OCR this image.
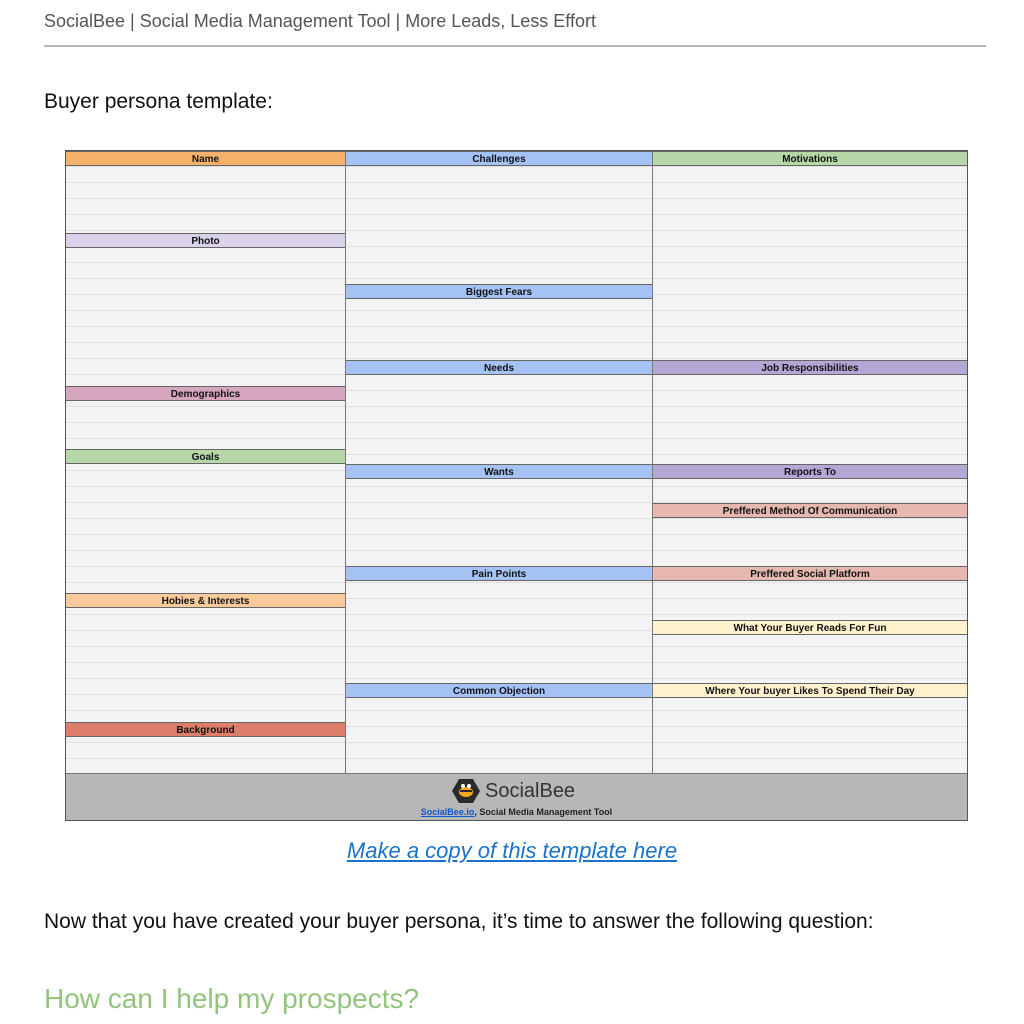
SocialBee | Social Media Management Tool | More Leads, Less Effort
Buyer persona template:
Name
Photo
Demographics
Goals
Hobies & Interests
Background
Challenges
Biggest Fears
Needs
Wants
Pain Points
Common Objection
Motivations
Job Responsibilities
Reports To
Preffered Method Of Communication
Preffered Social Platform
What Your Buyer Reads For Fun
Where Your buyer Likes To Spend Their Day
SocialBee
SocialBee.io, Social Media Management Tool
Make a copy of this template here
Now that you have created your buyer persona, it’s time to answer the following question:
How can I help my prospects?
